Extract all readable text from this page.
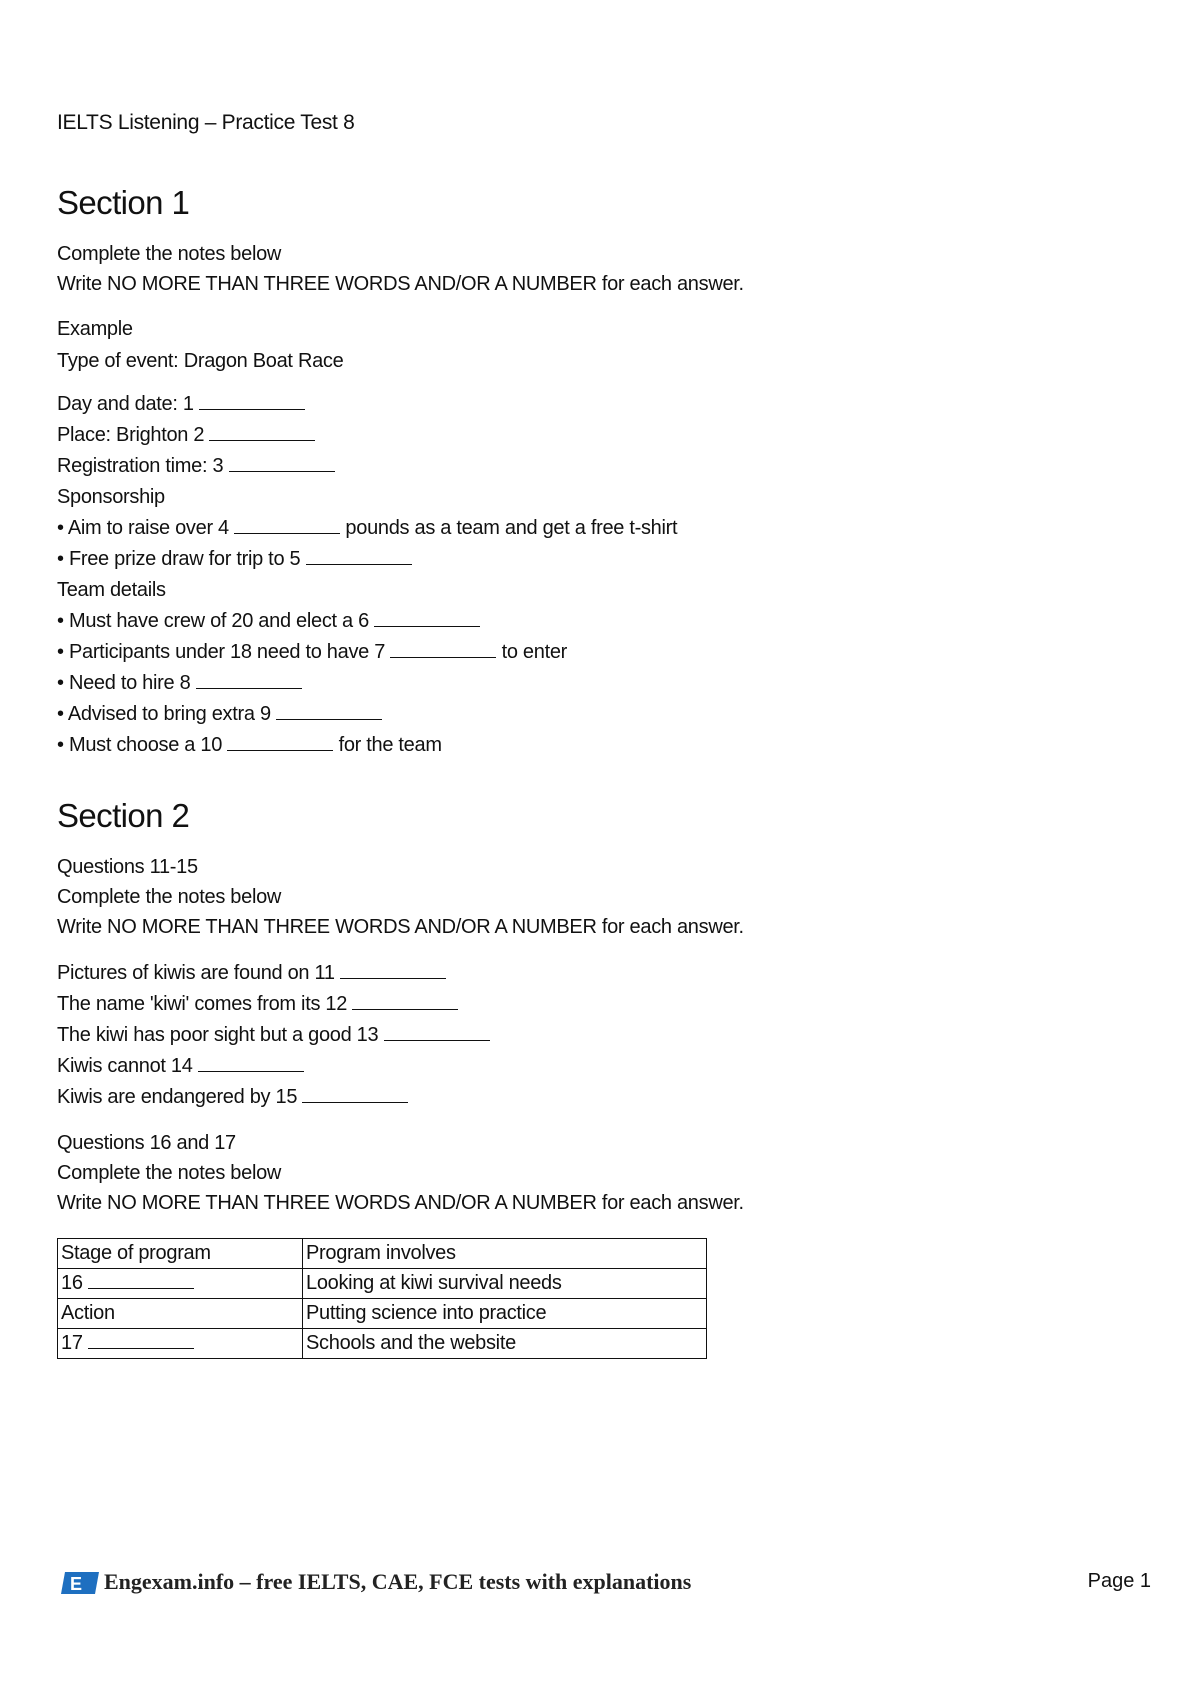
IELTS Listening – Practice Test 8
Section 1
Complete the notes below
Write NO MORE THAN THREE WORDS AND/OR A NUMBER for each answer.
Example
Type of event: Dragon Boat Race
Day and date: 1
Place: Brighton 2
Registration time: 3
Sponsorship
• Aim to raise over 4	pounds as a team and get a free t-shirt
• Free prize draw for trip to 5
Team details
• Must have crew of 20 and elect a 6
• Participants under 18 need to have 7	to enter
• Need to hire 8
• Advised to bring extra 9
• Must choose a 10	for the team
Section 2
Questions 11-15
Complete the notes below
Write NO MORE THAN THREE WORDS AND/OR A NUMBER for each answer.
Pictures of kiwis are found on 11
The name 'kiwi' comes from its 12
The kiwi has poor sight but a good 13
Kiwis cannot 14
Kiwis are endangered by 15
Questions 16 and 17
Complete the notes below
Write NO MORE THAN THREE WORDS AND/OR A NUMBER for each answer.
Stage of program	Program involves
16	Looking at kiwi survival needs
Action	Putting science into practice
17	Schools and the website
E Engexam.info – free IELTS, CAE, FCE tests with explanations	Page 1
